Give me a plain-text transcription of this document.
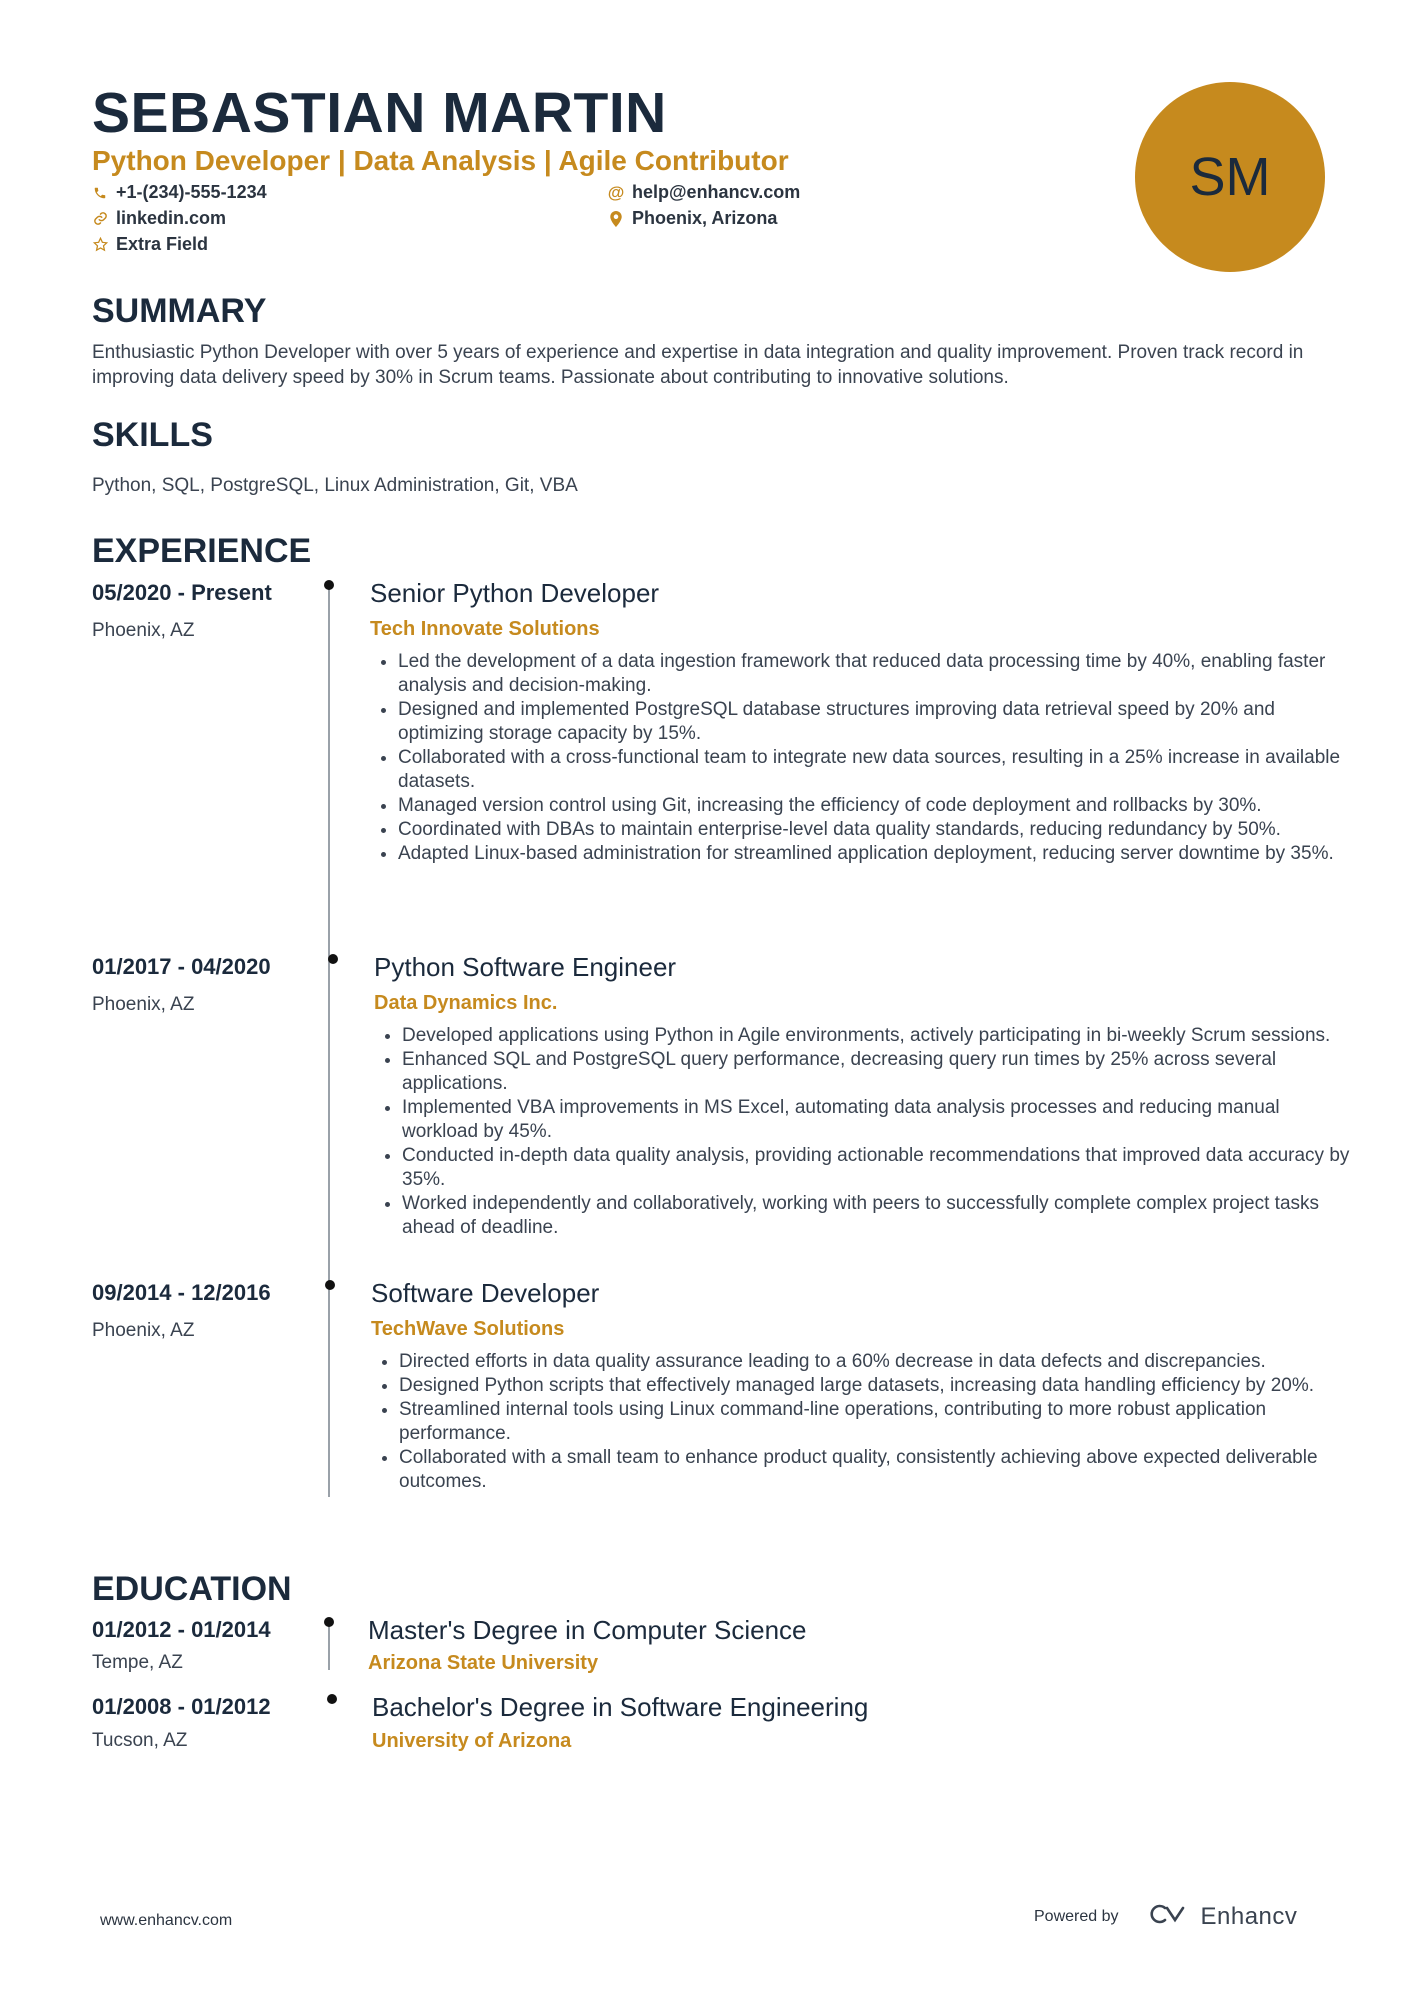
SEBASTIAN MARTIN
Python Developer | Data Analysis | Agile Contributor
+1-(234)-555-1234	@ help@enhancv.com
linkedin.com	Phoenix, Arizona
Extra Field
SM
SUMMARY
Enthusiastic Python Developer with over 5 years of experience and expertise in data integration and quality improvement. Proven track record in improving data delivery speed by 30% in Scrum teams. Passionate about contributing to innovative solutions.
SKILLS
Python, SQL, PostgreSQL, Linux Administration, Git, VBA
EXPERIENCE
05/2020 - Present
Phoenix, AZ
Senior Python Developer
Tech Innovate Solutions
• Led the development of a data ingestion framework that reduced data processing time by 40%, enabling faster analysis and decision-making.
• Designed and implemented PostgreSQL database structures improving data retrieval speed by 20% and optimizing storage capacity by 15%.
• Collaborated with a cross-functional team to integrate new data sources, resulting in a 25% increase in available datasets.
• Managed version control using Git, increasing the efficiency of code deployment and rollbacks by 30%.
• Coordinated with DBAs to maintain enterprise-level data quality standards, reducing redundancy by 50%.
• Adapted Linux-based administration for streamlined application deployment, reducing server downtime by 35%.
01/2017 - 04/2020
Phoenix, AZ
Python Software Engineer
Data Dynamics Inc.
• Developed applications using Python in Agile environments, actively participating in bi-weekly Scrum sessions.
• Enhanced SQL and PostgreSQL query performance, decreasing query run times by 25% across several applications.
• Implemented VBA improvements in MS Excel, automating data analysis processes and reducing manual workload by 45%.
• Conducted in-depth data quality analysis, providing actionable recommendations that improved data accuracy by 35%.
• Worked independently and collaboratively, working with peers to successfully complete complex project tasks ahead of deadline.
09/2014 - 12/2016
Phoenix, AZ
Software Developer
TechWave Solutions
• Directed efforts in data quality assurance leading to a 60% decrease in data defects and discrepancies.
• Designed Python scripts that effectively managed large datasets, increasing data handling efficiency by 20%.
• Streamlined internal tools using Linux command-line operations, contributing to more robust application performance.
• Collaborated with a small team to enhance product quality, consistently achieving above expected deliverable outcomes.
EDUCATION
01/2012 - 01/2014
Tempe, AZ
Master's Degree in Computer Science
Arizona State University
01/2008 - 01/2012
Tucson, AZ
Bachelor's Degree in Software Engineering
University of Arizona
www.enhancv.com	Powered by	Enhancv
